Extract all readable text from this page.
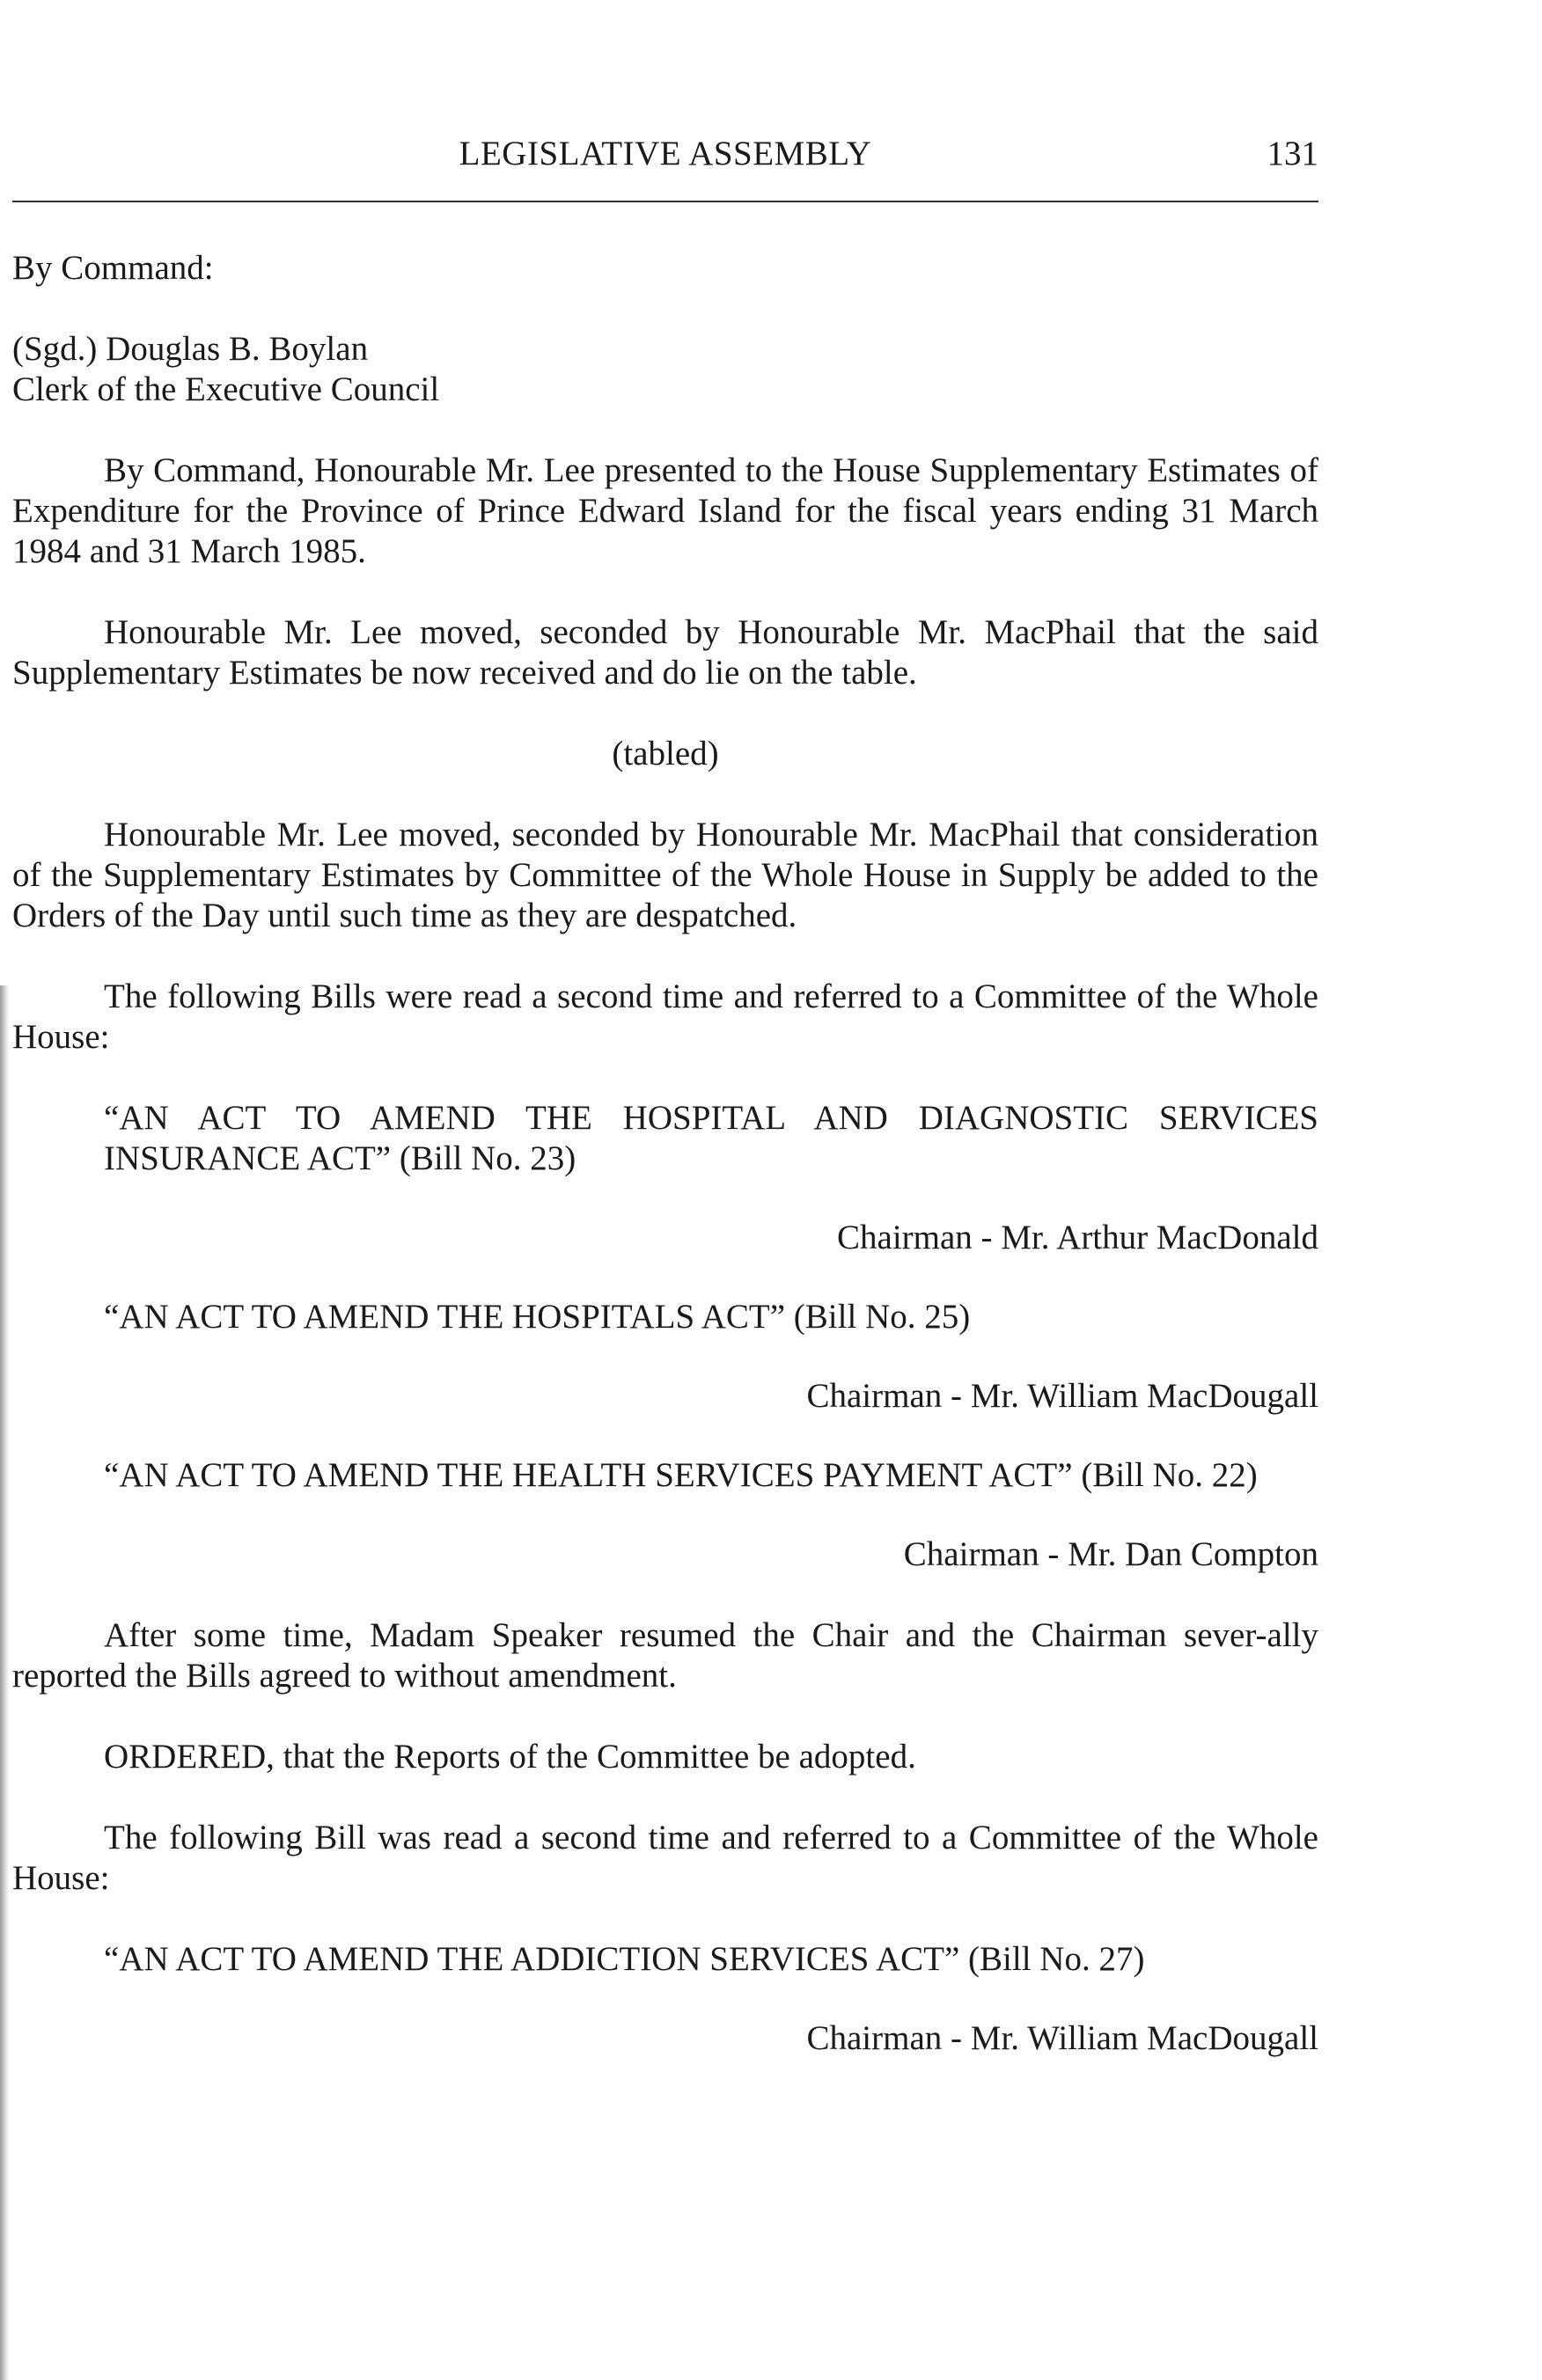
LEGISLATIVE ASSEMBLY	131

By Command:

(Sgd.) Douglas B. Boylan

Clerk of the Executive Council

By Command, Honourable Mr. Lee presented to the House Supplementary Estimates of Expenditure for the Province of Prince Edward Island for the fiscal years ending 31 March 1984 and 31 March 1985.

Honourable Mr. Lee moved, seconded by Honourable Mr. MacPhail that the said Supplementary Estimates be now received and do lie on the table.

(tabled)

Honourable Mr. Lee moved, seconded by Honourable Mr. MacPhail that consideration of the Supplementary Estimates by Committee of the Whole House in Supply be added to the Orders of the Day until such time as they are despatched.

The following Bills were read a second time and referred to a Committee of the Whole House:

“AN ACT TO AMEND THE HOSPITAL AND DIAGNOSTIC SERVICES INSURANCE ACT” (Bill No. 23)

Chairman - Mr. Arthur MacDonald

“AN ACT TO AMEND THE HOSPITALS ACT” (Bill No. 25)

Chairman - Mr. William MacDougall

“AN ACT TO AMEND THE HEALTH SERVICES PAYMENT ACT” (Bill No. 22)

Chairman - Mr. Dan Compton

After some time, Madam Speaker resumed the Chair and the Chairman sever-ally reported the Bills agreed to without amendment.

ORDERED, that the Reports of the Committee be adopted.

The following Bill was read a second time and referred to a Committee of the Whole House:

“AN ACT TO AMEND THE ADDICTION SERVICES ACT” (Bill No. 27)

Chairman - Mr. William MacDougall
